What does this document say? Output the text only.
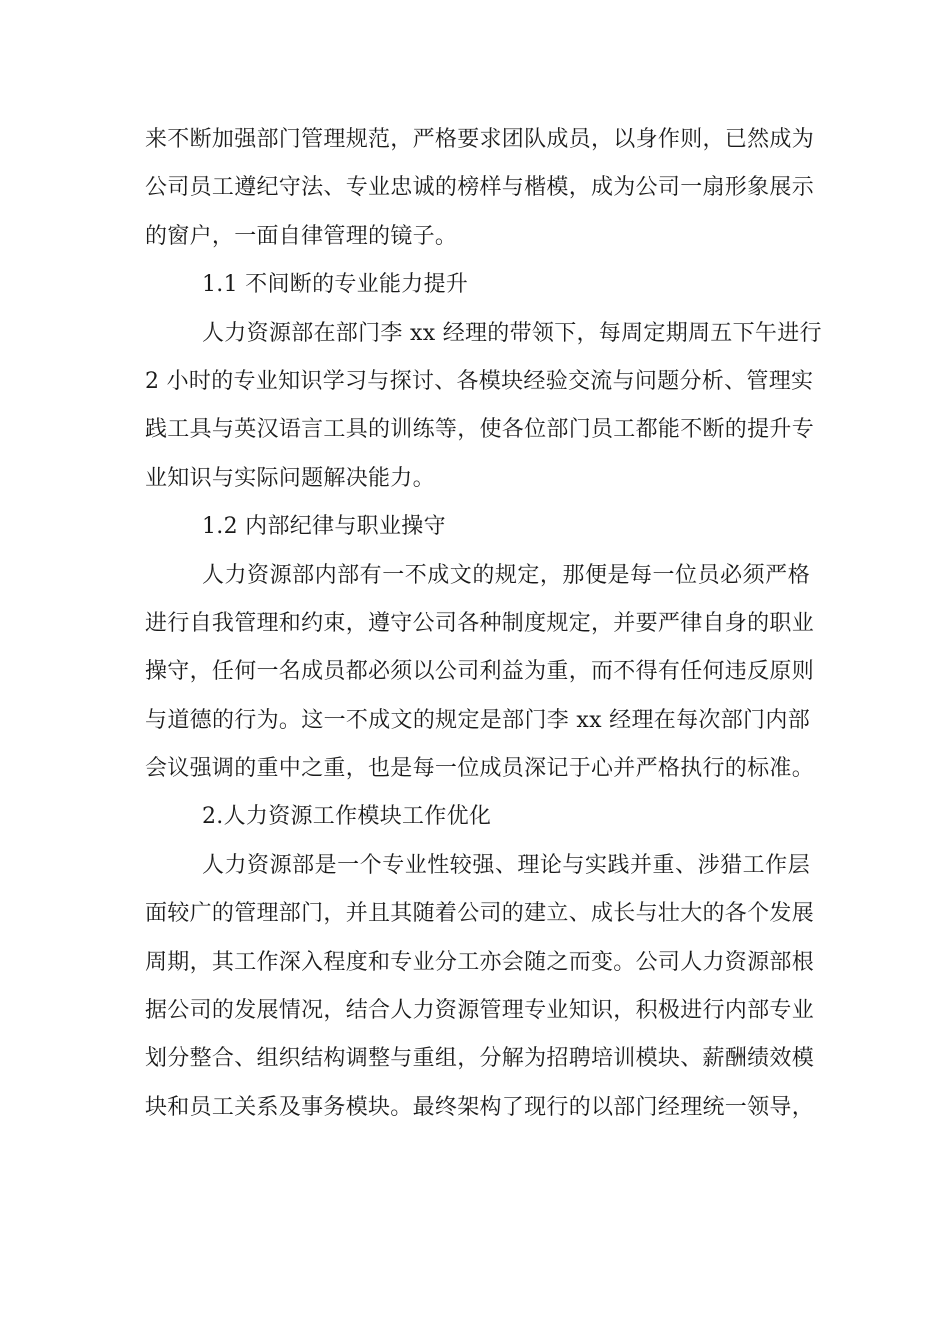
来不断加强部门管理规范，严格要求团队成员，以身作则，已然成为
公司员工遵纪守法、专业忠诚的榜样与楷模，成为公司一扇形象展示
的窗户，一面自律管理的镜子。
1.1 不间断的专业能力提升
人力资源部在部门李 xx 经理的带领下，每周定期周五下午进行
2 小时的专业知识学习与探讨、各模块经验交流与问题分析、管理实
践工具与英汉语言工具的训练等，使各位部门员工都能不断的提升专
业知识与实际问题解决能力。
1.2 内部纪律与职业操守
人力资源部内部有一不成文的规定，那便是每一位员必须严格
进行自我管理和约束，遵守公司各种制度规定，并要严律自身的职业
操守，任何一名成员都必须以公司利益为重，而不得有任何违反原则
与道德的行为。这一不成文的规定是部门李 xx 经理在每次部门内部
会议强调的重中之重，也是每一位成员深记于心并严格执行的标准。
2.人力资源工作模块工作优化
人力资源部是一个专业性较强、理论与实践并重、涉猎工作层
面较广的管理部门，并且其随着公司的建立、成长与壮大的各个发展
周期，其工作深入程度和专业分工亦会随之而变。公司人力资源部根
据公司的发展情况，结合人力资源管理专业知识，积极进行内部专业
划分整合、组织结构调整与重组，分解为招聘培训模块、薪酬绩效模
块和员工关系及事务模块。最终架构了现行的以部门经理统一领导，
